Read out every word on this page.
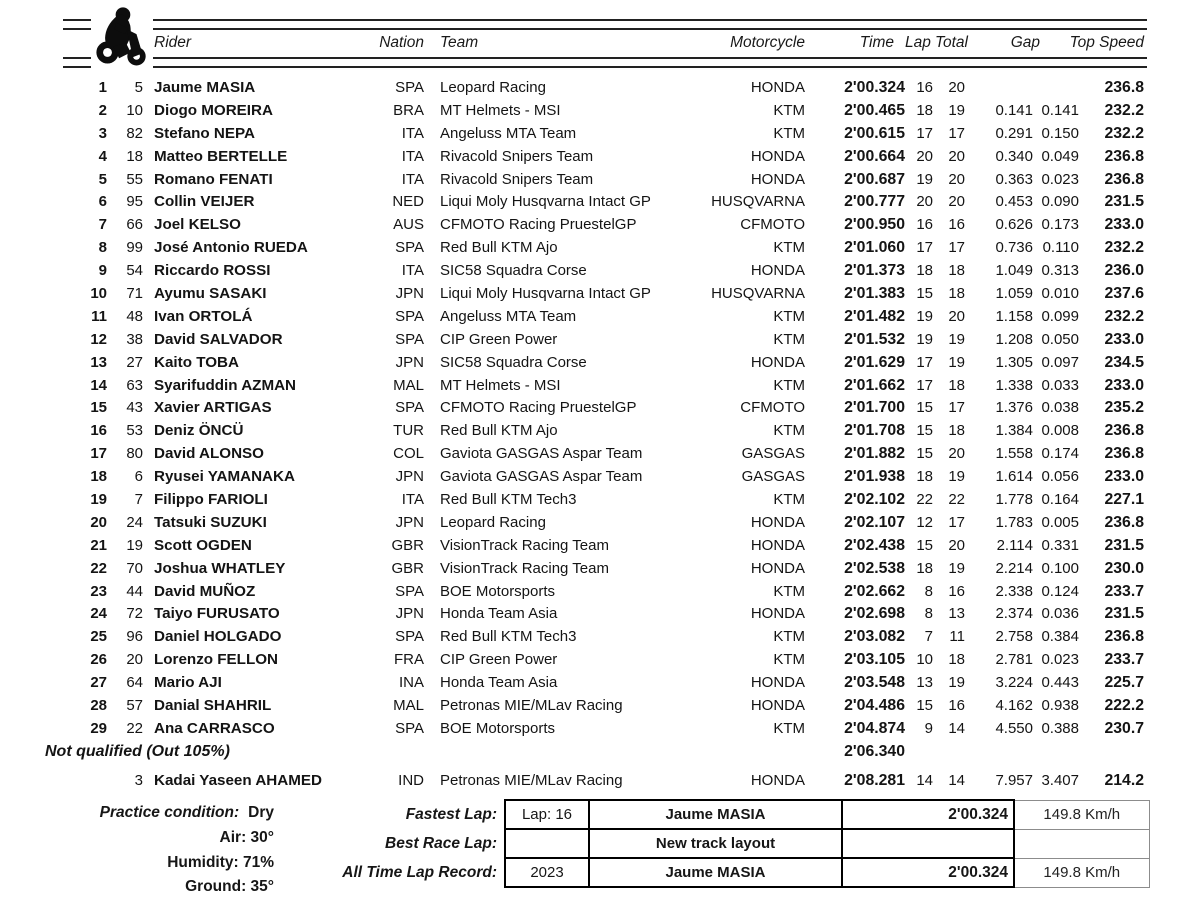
Rider	Nation	Team	Motorcycle	Time Lap Total	Gap Top Speed
1	5 Jaume MASIA	SPA	Leopard Racing	HONDA	2'00.324 16	20	236.8
2	10 Diogo MOREIRA	BRA	MT Helmets - MSI	KTM	2'00.465 18	19	0.141 0.141	232.2
3	82 Stefano NEPA	ITA	Angeluss MTA Team	KTM	2'00.615 17	17	0.291 0.150	232.2
4	18 Matteo BERTELLE	ITA	Rivacold Snipers Team	HONDA	2'00.664 20	20	0.340 0.049	236.8
5	55 Romano FENATI	ITA	Rivacold Snipers Team	HONDA	2'00.687 19	20	0.363 0.023	236.8
6	95 Collin VEIJER	NED	Liqui Moly Husqvarna Intact GP	HUSQVARNA	2'00.777 20	20	0.453 0.090	231.5
7	66 Joel KELSO	AUS	CFMOTO Racing PruestelGP	CFMOTO	2'00.950 16	16	0.626 0.173	233.0
8	99 José Antonio RUEDA	SPA	Red Bull KTM Ajo	KTM	2'01.060 17	17	0.736 0.110	232.2
9	54 Riccardo ROSSI	ITA	SIC58 Squadra Corse	HONDA	2'01.373 18	18	1.049 0.313	236.0
10	71 Ayumu SASAKI	JPN	Liqui Moly Husqvarna Intact GP	HUSQVARNA	2'01.383 15	18	1.059 0.010	237.6
11	48 Ivan ORTOLÁ	SPA	Angeluss MTA Team	KTM	2'01.482 19	20	1.158 0.099	232.2
12	38 David SALVADOR	SPA	CIP Green Power	KTM	2'01.532 19	19	1.208 0.050	233.0
13	27 Kaito TOBA	JPN	SIC58 Squadra Corse	HONDA	2'01.629 17	19	1.305 0.097	234.5
14	63 Syarifuddin AZMAN	MAL	MT Helmets - MSI	KTM	2'01.662 17	18	1.338 0.033	233.0
15	43 Xavier ARTIGAS	SPA	CFMOTO Racing PruestelGP	CFMOTO	2'01.700 15	17	1.376 0.038	235.2
16	53 Deniz ÖNCÜ	TUR	Red Bull KTM Ajo	KTM	2'01.708 15	18	1.384 0.008	236.8
17	80 David ALONSO	COL	Gaviota GASGAS Aspar Team	GASGAS	2'01.882 15	20	1.558 0.174	236.8
18	6 Ryusei YAMANAKA	JPN	Gaviota GASGAS Aspar Team	GASGAS	2'01.938 18	19	1.614 0.056	233.0
19	7 Filippo FARIOLI	ITA	Red Bull KTM Tech3	KTM	2'02.102 22	22	1.778 0.164	227.1
20	24 Tatsuki SUZUKI	JPN	Leopard Racing	HONDA	2'02.107 12	17	1.783 0.005	236.8
21	19 Scott OGDEN	GBR	VisionTrack Racing Team	HONDA	2'02.438 15	20	2.114 0.331	231.5
22	70 Joshua WHATLEY	GBR	VisionTrack Racing Team	HONDA	2'02.538 18	19	2.214 0.100	230.0
23	44 David MUÑOZ	SPA	BOE Motorsports	KTM	2'02.662	8	16	2.338 0.124	233.7
24	72 Taiyo FURUSATO	JPN	Honda Team Asia	HONDA	2'02.698	8	13	2.374 0.036	231.5
25	96 Daniel HOLGADO	SPA	Red Bull KTM Tech3	KTM	2'03.082	7	11	2.758 0.384	236.8
26	20 Lorenzo FELLON	FRA	CIP Green Power	KTM	2'03.105 10	18	2.781 0.023	233.7
27	64 Mario AJI	INA	Honda Team Asia	HONDA	2'03.548 13	19	3.224 0.443	225.7
28	57 Danial SHAHRIL	MAL	Petronas MIE/MLav Racing	HONDA	2'04.486 15	16	4.162 0.938	222.2
29	22 Ana CARRASCO	SPA	BOE Motorsports	KTM	2'04.874	9	14	4.550 0.388	230.7
Not qualified (Out 105%)	2'06.340
3 Kadai Yaseen AHAMED	IND	Petronas MIE/MLav Racing	HONDA	2'08.281 14	14	7.957 3.407	214.2
Practice condition: Dry
Air: 30°
Humidity: 71%
Ground: 35°
Fastest Lap:	Lap: 16	Jaume MASIA	2'00.324	149.8 Km/h
Best Race Lap:		New track layout		
All Time Lap Record:	2023	Jaume MASIA	2'00.324	149.8 Km/h
